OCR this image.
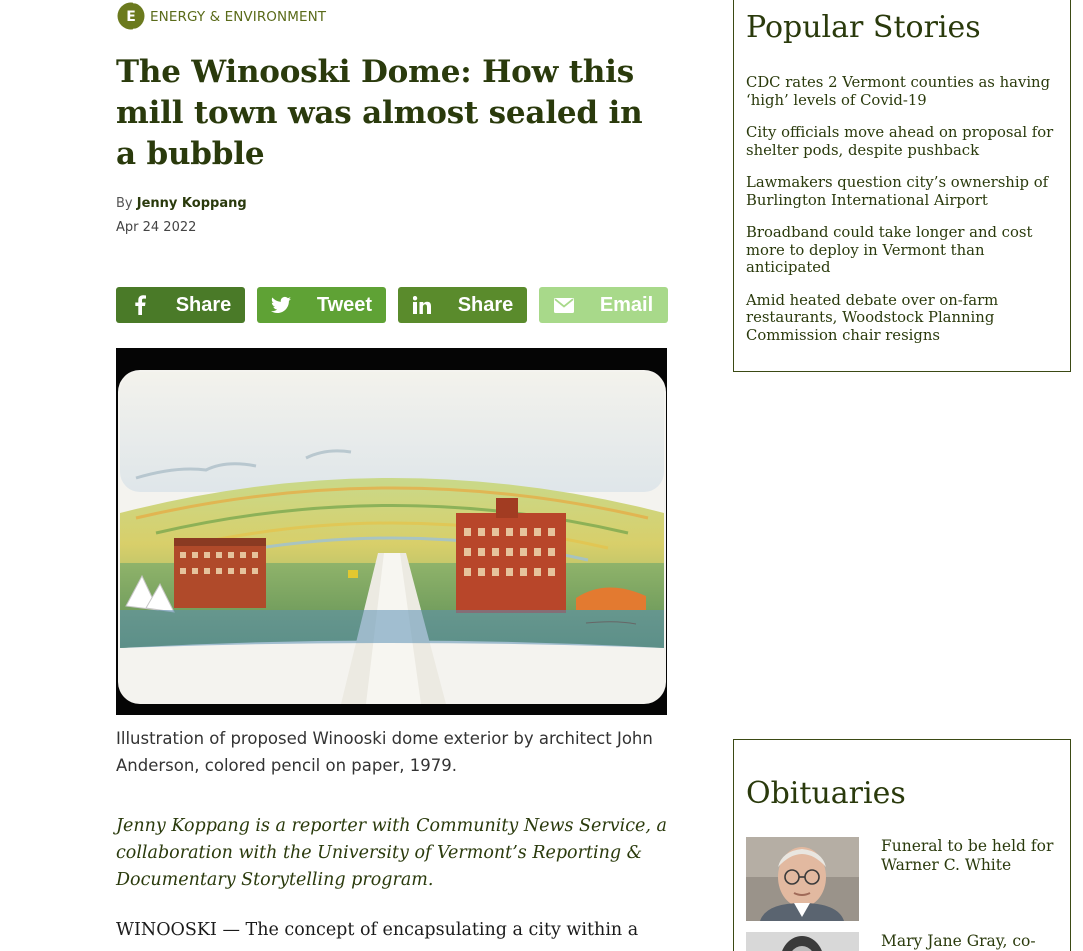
E ENERGY & ENVIRONMENT
The Winooski Dome: How this mill town was almost sealed in a bubble
By Jenny Koppang
Apr 24 2022
Share	Tweet	Share	Email

Illustration of proposed Winooski dome exterior by architect John Anderson, colored pencil on paper, 1979.

Jenny Koppang is a reporter with Community News Service, a collaboration with the University of Vermont’s Reporting & Documentary Storytelling program.

WINOOSKI — The concept of encapsulating a city within a

Popular Stories
CDC rates 2 Vermont counties as having ‘high’ levels of Covid-19
City officials move ahead on proposal for shelter pods, despite pushback
Lawmakers question city’s ownership of Burlington International Airport
Broadband could take longer and cost more to deploy in Vermont than anticipated
Amid heated debate over on-farm restaurants, Woodstock Planning Commission chair resigns
Obituaries
Funeral to be held for Warner C. White
Mary Jane Gray, co-
